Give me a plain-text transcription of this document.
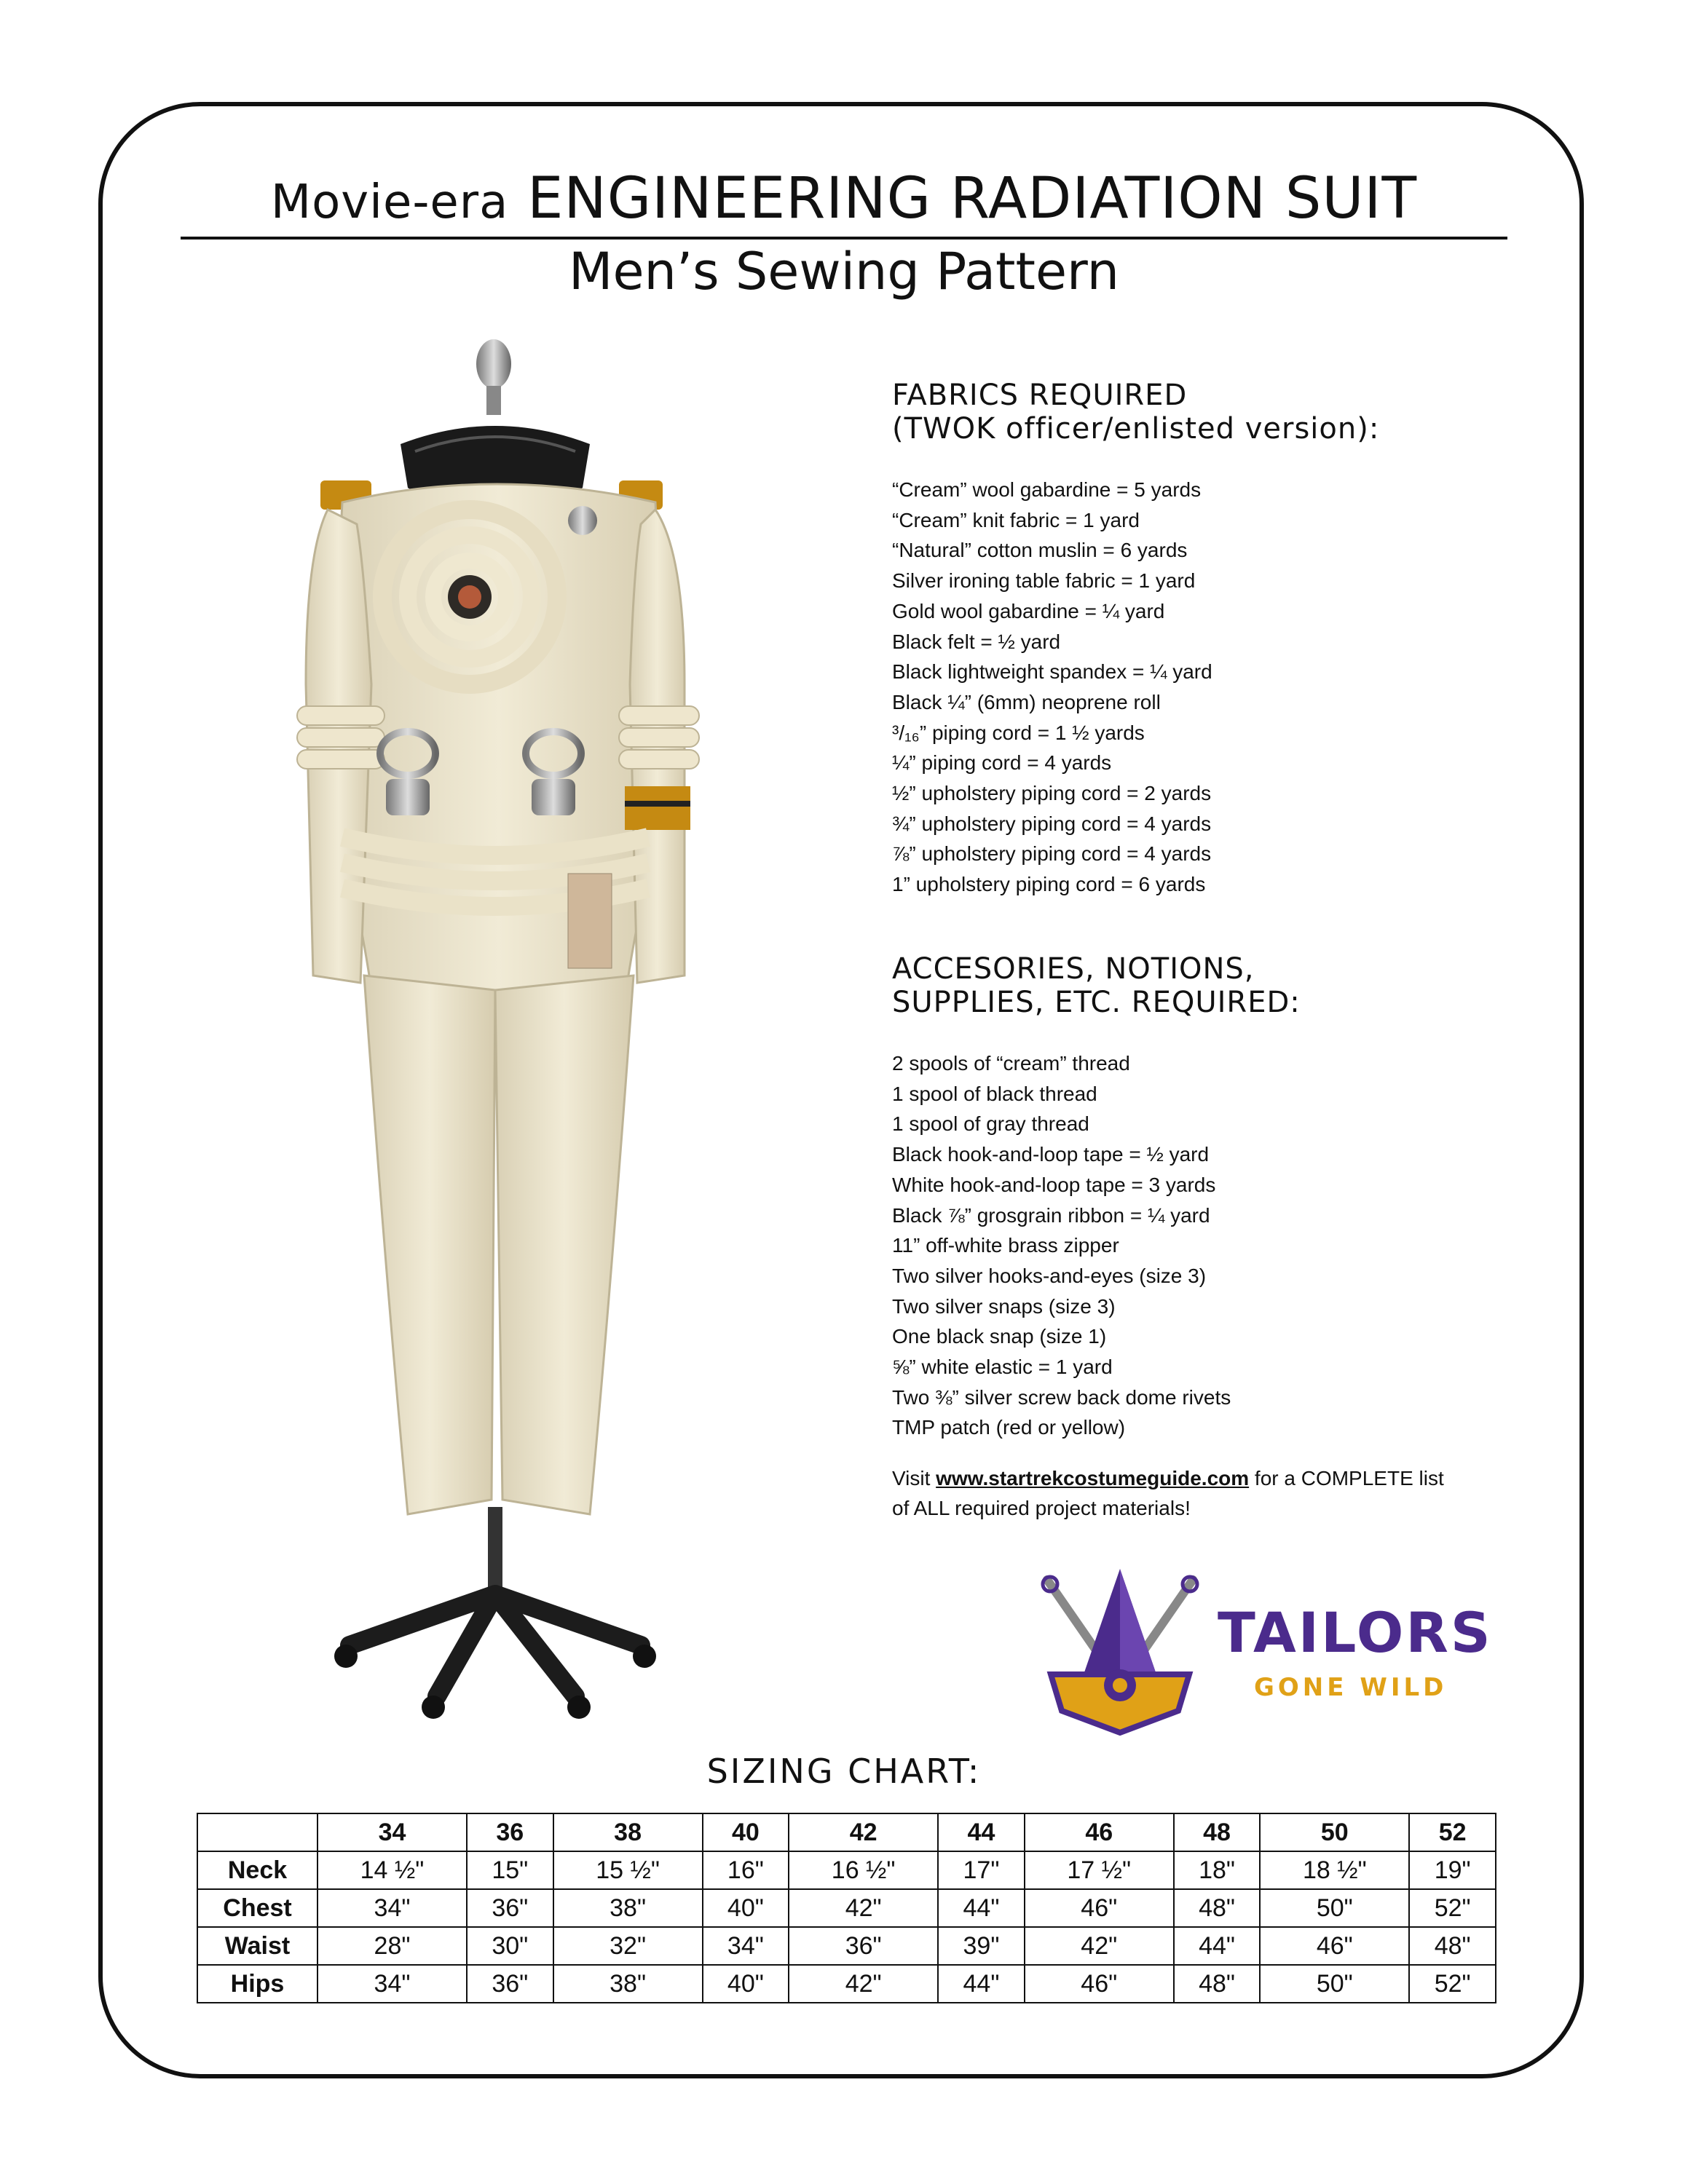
Movie-era ENGINEERING RADIATION SUIT
Men’s Sewing Pattern
FABRICS REQUIRED
(TWOK officer/enlisted version):
“Cream” wool gabardine = 5 yards
“Cream” knit fabric = 1 yard
“Natural” cotton muslin = 6 yards
Silver ironing table fabric = 1 yard
Gold wool gabardine = ¼ yard
Black felt = ½ yard
Black lightweight spandex = ¼ yard
Black ¼” (6mm) neoprene roll
³/₁₆” piping cord = 1 ½ yards
¼” piping cord = 4 yards
½” upholstery piping cord = 2 yards
¾” upholstery piping cord = 4 yards
⅞” upholstery piping cord = 4 yards
1” upholstery piping cord = 6 yards
ACCESORIES, NOTIONS,
SUPPLIES, ETC. REQUIRED:
2 spools of “cream” thread
1 spool of black thread
1 spool of gray thread
Black hook-and-loop tape = ½ yard
White hook-and-loop tape = 3 yards
Black ⅞” grosgrain ribbon = ¼ yard
11” off-white brass zipper
Two silver hooks-and-eyes (size 3)
Two silver snaps (size 3)
One black snap (size 1)
⅝” white elastic = 1 yard
Two ⅜” silver screw back dome rivets
TMP patch (red or yellow)
Visit www.startrekcostumeguide.com for a COMPLETE list
of ALL required project materials!
TAILORS
GONE WILD
SIZING CHART:
	34	36	38	40	42	44	46	48	50	52
Neck	14 ½"	15"	15 ½"	16"	16 ½"	17"	17 ½"	18"	18 ½"	19"
Chest	34"	36"	38"	40"	42"	44"	46"	48"	50"	52"
Waist	28"	30"	32"	34"	36"	39"	42"	44"	46"	48"
Hips	34"	36"	38"	40"	42"	44"	46"	48"	50"	52"
